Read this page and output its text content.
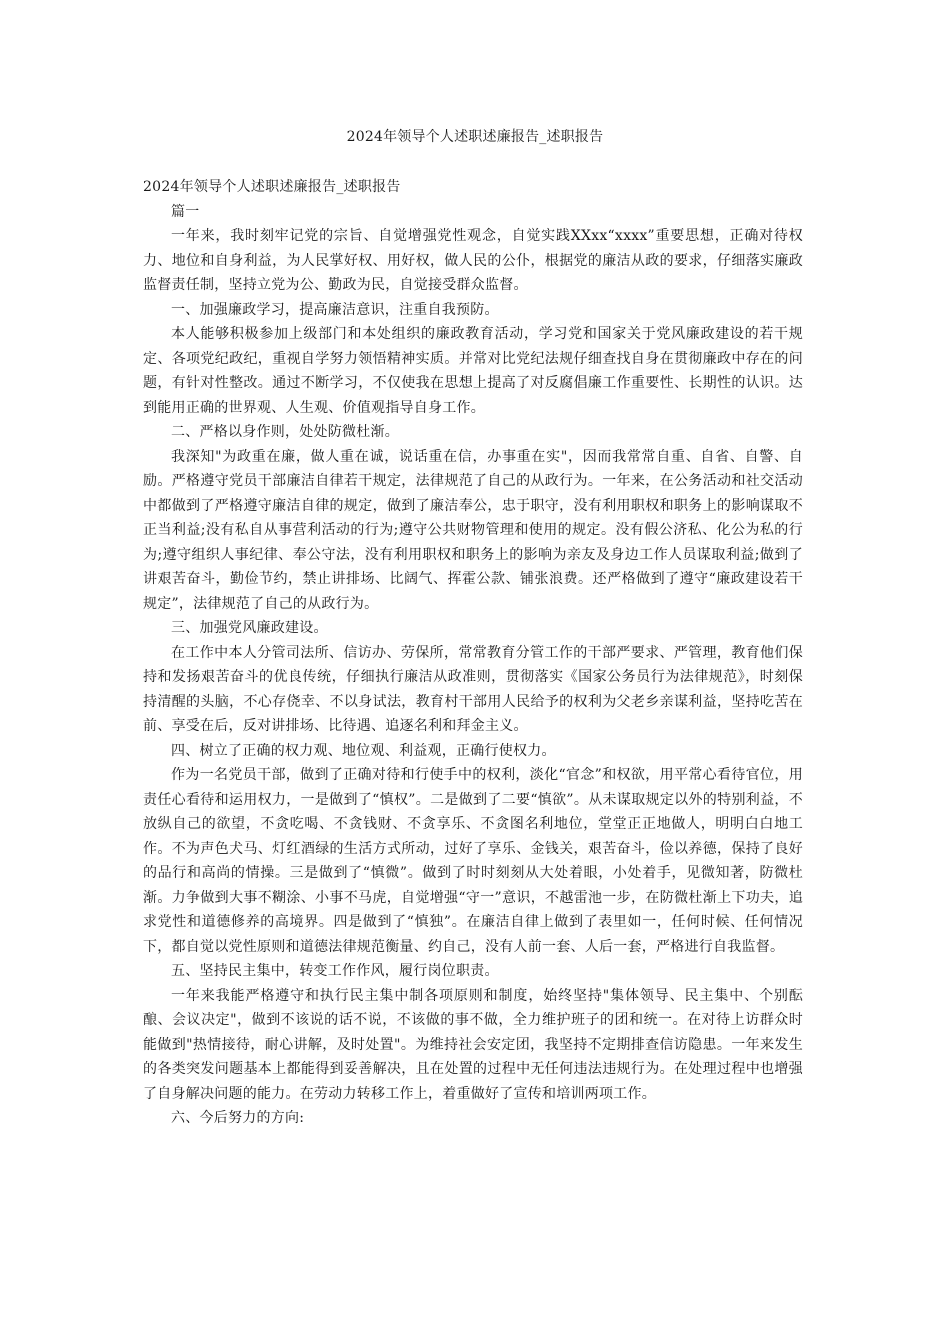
2024年领导个人述职述廉报告_述职报告

2024年领导个人述职述廉报告_述职报告

篇一

一年来，我时刻牢记党的宗旨、自觉增强党性观念，自觉实践XXxx“xxxx”重要思想，正确对待权力、地位和自身利益，为人民掌好权、用好权，做人民的公仆，根据党的廉洁从政的要求，仔细落实廉政监督责任制，坚持立党为公、勤政为民，自觉接受群众监督。

一、加强廉政学习，提高廉洁意识，注重自我预防。

本人能够积极参加上级部门和本处组织的廉政教育活动，学习党和国家关于党风廉政建设的若干规定、各项党纪政纪，重视自学努力领悟精神实质。并常对比党纪法规仔细查找自身在贯彻廉政中存在的问题，有针对性整改。通过不断学习，不仅使我在思想上提高了对反腐倡廉工作重要性、长期性的认识。达到能用正确的世界观、人生观、价值观指导自身工作。

二、严格以身作则，处处防微杜渐。

我深知"为政重在廉，做人重在诚，说话重在信，办事重在实"，因而我常常自重、自省、自警、自励。严格遵守党员干部廉洁自律若干规定，法律规范了自己的从政行为。一年来，在公务活动和社交活动中都做到了严格遵守廉洁自律的规定，做到了廉洁奉公，忠于职守，没有利用职权和职务上的影响谋取不正当利益;没有私自从事营利活动的行为;遵守公共财物管理和使用的规定。没有假公济私、化公为私的行为;遵守组织人事纪律、奉公守法，没有利用职权和职务上的影响为亲友及身边工作人员谋取利益;做到了讲艰苦奋斗，勤俭节约，禁止讲排场、比阔气、挥霍公款、铺张浪费。还严格做到了遵守“廉政建设若干规定”，法律规范了自己的从政行为。

三、加强党风廉政建设。

在工作中本人分管司法所、信访办、劳保所，常常教育分管工作的干部严要求、严管理，教育他们保持和发扬艰苦奋斗的优良传统，仔细执行廉洁从政准则，贯彻落实《国家公务员行为法律规范》，时刻保持清醒的头脑，不心存侥幸、不以身试法，教育村干部用人民给予的权利为父老乡亲谋利益，坚持吃苦在前、享受在后，反对讲排场、比待遇、追逐名利和拜金主义。

四、树立了正确的权力观、地位观、利益观，正确行使权力。

作为一名党员干部，做到了正确对待和行使手中的权利，淡化“官念”和权欲，用平常心看待官位，用责任心看待和运用权力，一是做到了“慎权”。二是做到了二要“慎欲”。从未谋取规定以外的特别利益，不放纵自己的欲望，不贪吃喝、不贪钱财、不贪享乐、不贪图名利地位，堂堂正正地做人，明明白白地工作。不为声色犬马、灯红酒绿的生活方式所动，过好了享乐、金钱关，艰苦奋斗，俭以养德，保持了良好的品行和高尚的情操。三是做到了“慎微”。做到了时时刻刻从大处着眼，小处着手，见微知著，防微杜渐。力争做到大事不糊涂、小事不马虎，自觉增强“守一”意识，不越雷池一步，在防微杜渐上下功夫，追求党性和道德修养的高境界。四是做到了“慎独”。在廉洁自律上做到了表里如一，任何时候、任何情况下，都自觉以党性原则和道德法律规范衡量、约自己，没有人前一套、人后一套，严格进行自我监督。

五、坚持民主集中，转变工作作风，履行岗位职责。

一年来我能严格遵守和执行民主集中制各项原则和制度，始终坚持"集体领导、民主集中、个别酝酿、会议决定"，做到不该说的话不说，不该做的事不做，全力维护班子的团和统一。在对待上访群众时能做到"热情接待，耐心讲解，及时处置"。为维持社会安定团，我坚持不定期排查信访隐患。一年来发生的各类突发问题基本上都能得到妥善解决，且在处置的过程中无任何违法违规行为。在处理过程中也增强了自身解决问题的能力。在劳动力转移工作上，着重做好了宣传和培训两项工作。

六、今后努力的方向:
